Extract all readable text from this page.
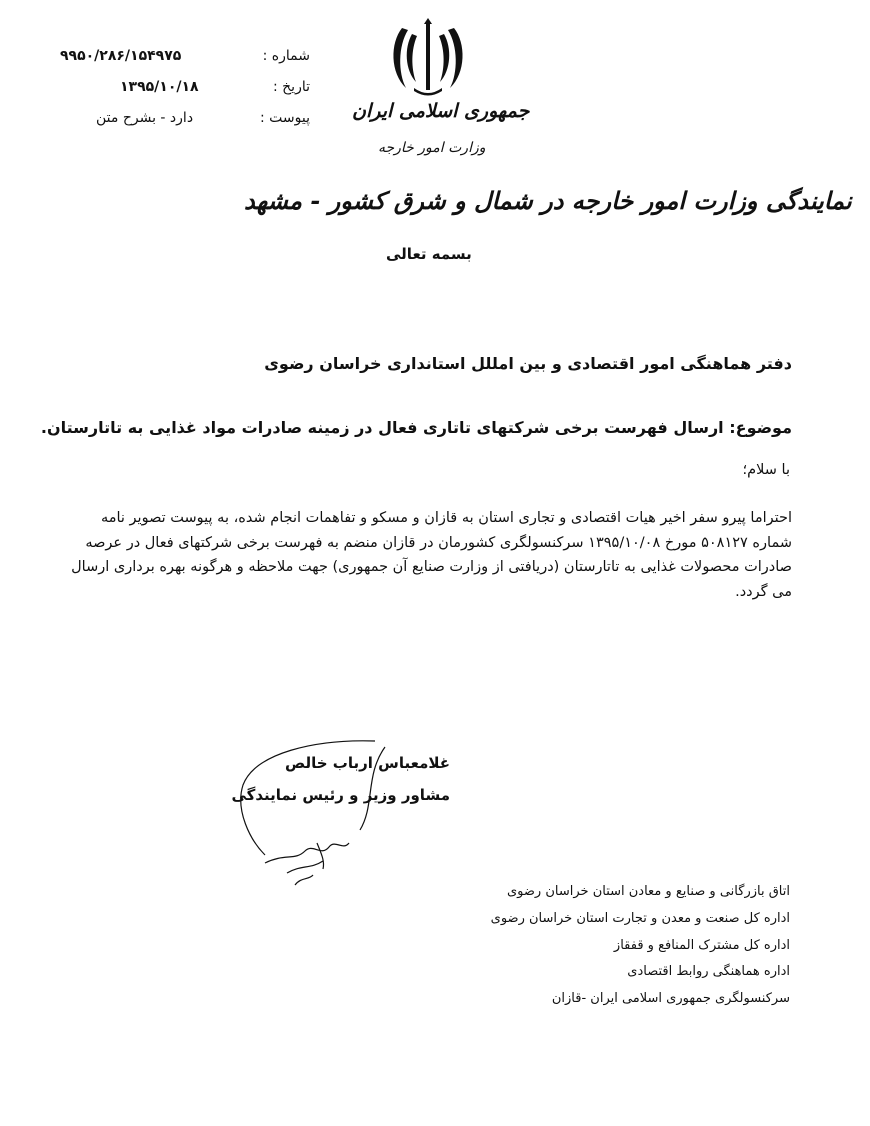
شماره :
۹۹۵۰/۲۸۶/۱۵۴۹۷۵
تاریخ :
۱۳۹۵/۱۰/۱۸
پیوست :
دارد - بشرح متن	جمهوری اسلامی ایران
وزارت امور خارجه
نمایندگی وزارت امور خارجه در شمال و شرق کشور - مشهد
بسمه تعالی
دفتر هماهنگی امور اقتصادی و بین امللل استانداری خراسان رضوی
موضوع: ارسال فهرست برخی شرکتهای تاتاری فعال در زمینه صادرات مواد غذایی به تاتارستان.
با سلام؛
احتراما پیرو سفر اخیر هیات اقتصادی و تجاری استان به قازان و مسکو و تفاهمات انجام شده، به پیوست تصویر نامه
شماره ۵۰۸۱۲۷ مورخ ۱۳۹۵/۱۰/۰۸ سرکنسولگری کشورمان در قازان منضم به فهرست برخی شرکتهای فعال در عرصه
صادرات محصولات غذایی به تاتارستان (دریافتی از وزارت صنایع آن جمهوری) جهت ملاحظه و هرگونه بهره برداری ارسال
می گردد.
غلامعباس ارباب خالص
مشاور وزیر و رئیس نمایندگی
اتاق بازرگانی و صنایع و معادن استان خراسان رضوی
اداره کل صنعت و معدن و تجارت استان خراسان رضوی
اداره کل مشترک المنافع و قفقاز
اداره هماهنگی روابط اقتصادی
سرکنسولگری جمهوری اسلامی ایران -قازان
